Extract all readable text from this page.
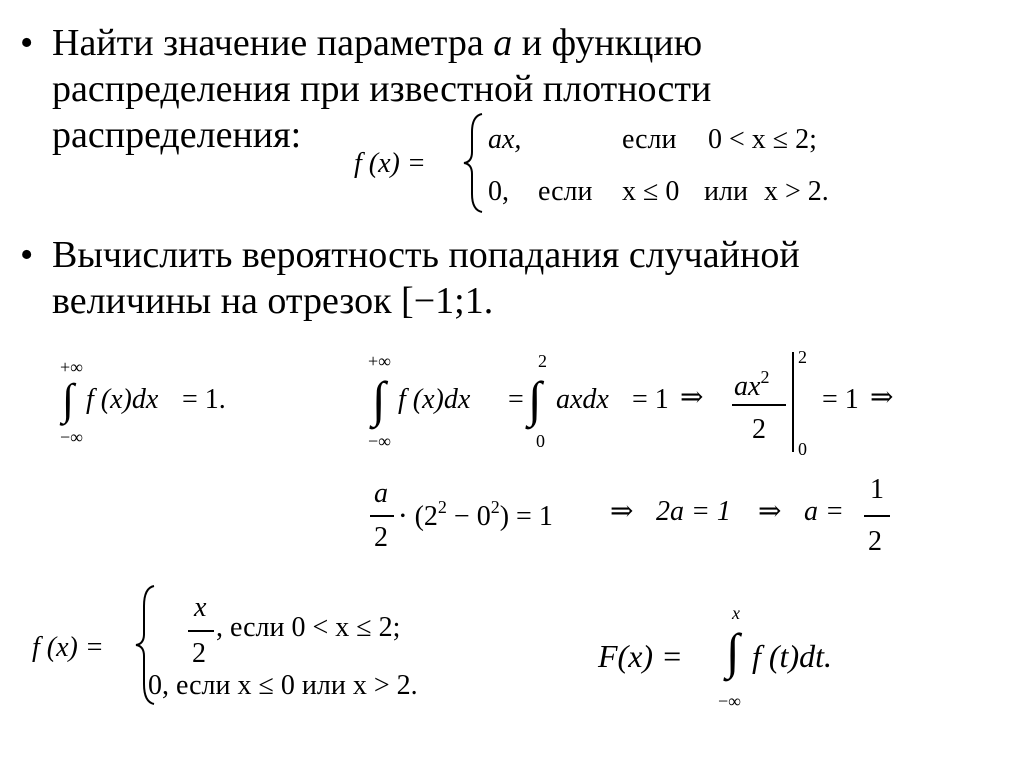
• Найти значение параметра a и функцию
распределения при известной плотности
распределения:
f (x) =
ax,	если 0 < x ≤ 2;
0, если x ≤ 0 или x > 2.
• Вычислить вероятность попадания случайной
величины на отрезок [−1;1.
+∞
∫
−∞
f (x)dx = 1.
+∞
∫
−∞
f (x)dx =
2
∫
0
axdx = 1 ⇒ $ax^2$
2
2
0
= 1 ⇒
a
2
⋅ $(2^2 - 0^2) = 1$ ⇒ 2a = 1 ⇒ a =
1
2
f (x) =
x
2
, если 0 < x ≤ 2;
0, если x ≤ 0 или x > 2.
F(x) =
x
∫
−∞
f (t)dt.
